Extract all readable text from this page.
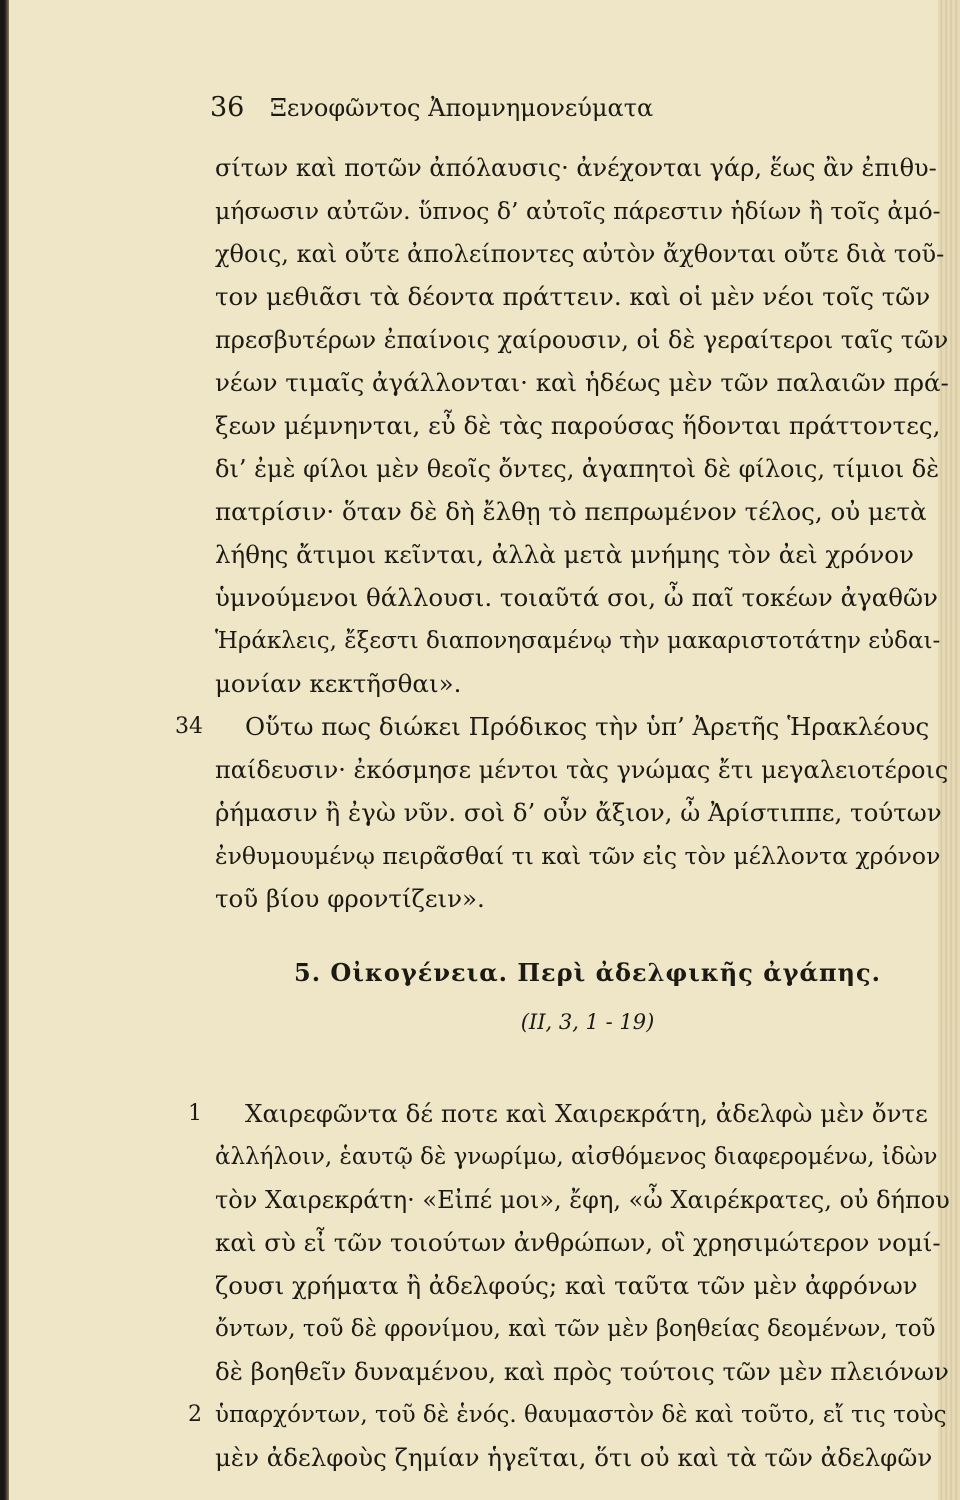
36 Ξενοφῶντος Ἀπομνημονεύματα
σίτων καὶ ποτῶν ἀπόλαυσις· ἀνέχονται γάρ, ἕως ἂν ἐπιθυ-
μήσωσιν αὐτῶν. ὕπνος δ’ αὐτοῖς πάρεστιν ἡδίων ἢ τοῖς ἀμό-
χθοις, καὶ οὔτε ἀπολείποντες αὐτὸν ἄχθονται οὔτε διὰ τοῦ-
τον μεθιᾶσι τὰ δέοντα πράττειν. καὶ οἱ μὲν νέοι τοῖς τῶν
πρεσβυτέρων ἐπαίνοις χαίρουσιν, οἱ δὲ γεραίτεροι ταῖς τῶν
νέων τιμαῖς ἀγάλλονται· καὶ ἡδέως μὲν τῶν παλαιῶν πρά-
ξεων μέμνηνται, εὖ δὲ τὰς παρούσας ἥδονται πράττοντες,
δι’ ἐμὲ φίλοι μὲν θεοῖς ὄντες, ἀγαπητοὶ δὲ φίλοις, τίμιοι δὲ
πατρίσιν· ὅταν δὲ δὴ ἔλθῃ τὸ πεπρωμένον τέλος, οὐ μετὰ
λήθης ἄτιμοι κεῖνται, ἀλλὰ μετὰ μνήμης τὸν ἀεὶ χρόνον
ὑμνούμενοι θάλλουσι. τοιαῦτά σοι, ὦ παῖ τοκέων ἀγαθῶν
Ἡράκλεις, ἔξεστι διαπονησαμένῳ τὴν μακαριστοτάτην εὐδαι-
μονίαν κεκτῆσθαι».
34 Οὕτω πως διώκει Πρόδικος τὴν ὑπ’ Ἀρετῆς Ἡρακλέους
παίδευσιν· ἐκόσμησε μέντοι τὰς γνώμας ἔτι μεγαλειοτέροις
ῥήμασιν ἢ ἐγὼ νῦν. σοὶ δ’ οὖν ἄξιον, ὦ Ἀρίστιππε, τούτων
ἐνθυμουμένῳ πειρᾶσθαί τι καὶ τῶν εἰς τὸν μέλλοντα χρόνον
τοῦ βίου φροντίζειν».
5. Οἰκογένεια. Περὶ ἀδελφικῆς ἀγάπης.
(II, 3, 1 - 19)
1 Χαιρεφῶντα δέ ποτε καὶ Χαιρεκράτη, ἀδελφὼ μὲν ὄντε
ἀλλήλοιν, ἑαυτῷ δὲ γνωρίμω, αἰσθόμενος διαφερομένω, ἰδὼν
τὸν Χαιρεκράτη· «Εἰπέ μοι», ἔφη, «ὦ Χαιρέκρατες, οὐ δήπου
καὶ σὺ εἶ τῶν τοιούτων ἀνθρώπων, οἳ χρησιμώτερον νομί-
ζουσι χρήματα ἢ ἀδελφούς; καὶ ταῦτα τῶν μὲν ἀφρόνων
ὄντων, τοῦ δὲ φρονίμου, καὶ τῶν μὲν βοηθείας δεομένων, τοῦ
δὲ βοηθεῖν δυναμένου, καὶ πρὸς τούτοις τῶν μὲν πλειόνων
2 ὑπαρχόντων, τοῦ δὲ ἑνός. θαυμαστὸν δὲ καὶ τοῦτο, εἴ τις τοὺς
μὲν ἀδελφοὺς ζημίαν ἡγεῖται, ὅτι οὐ καὶ τὰ τῶν ἀδελφῶν
